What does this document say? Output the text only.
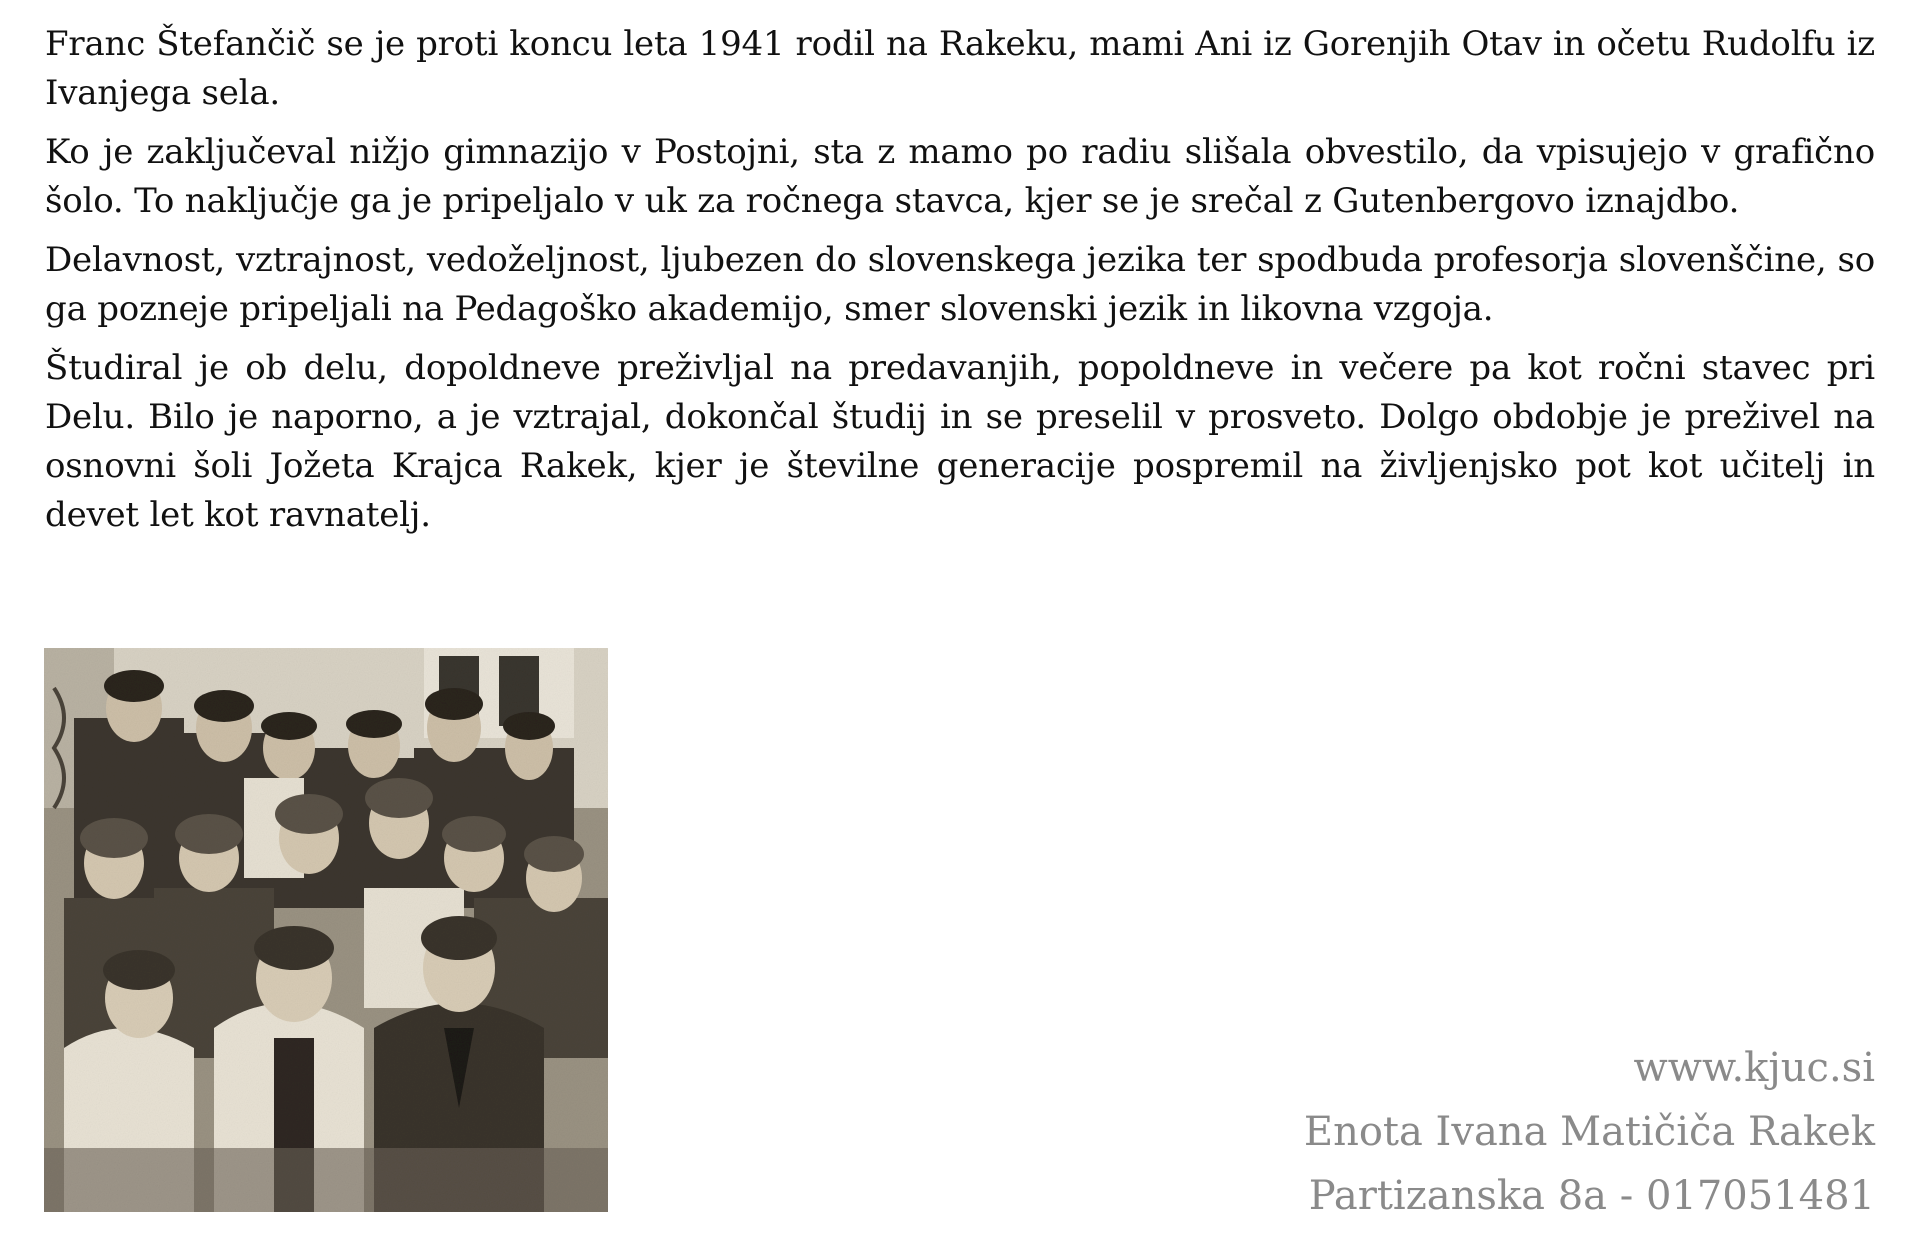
Franc Štefančič se je proti koncu leta 1941 rodil na Rakeku, mami Ani iz Gorenjih Otav in očetu Rudolfu iz Ivanjega sela.

Ko je zaključeval nižjo gimnazijo v Postojni, sta z mamo po radiu slišala obvestilo, da vpisujejo v grafično šolo. To naključje ga je pripeljalo v uk za ročnega stavca, kjer se je srečal z Gutenbergovo iznajdbo.

Delavnost, vztrajnost, vedoželjnost, ljubezen do slovenskega jezika ter spodbuda profesorja slovenščine, so ga pozneje pripeljali na Pedagoško akademijo, smer slovenski jezik in likovna vzgoja.

Študiral je ob delu, dopoldneve preživljal na predavanjih, popoldneve in večere pa kot ročni stavec pri Delu. Bilo je naporno, a je vztrajal, dokončal študij in se preselil v prosveto. Dolgo obdobje je preživel na osnovni šoli Jožeta Krajca Rakek, kjer je številne generacije pospremil na življenjsko pot kot učitelj in devet let kot ravnatelj.

www.kjuc.si
Enota Ivana Matičiča Rakek
Partizanska 8a - 017051481
